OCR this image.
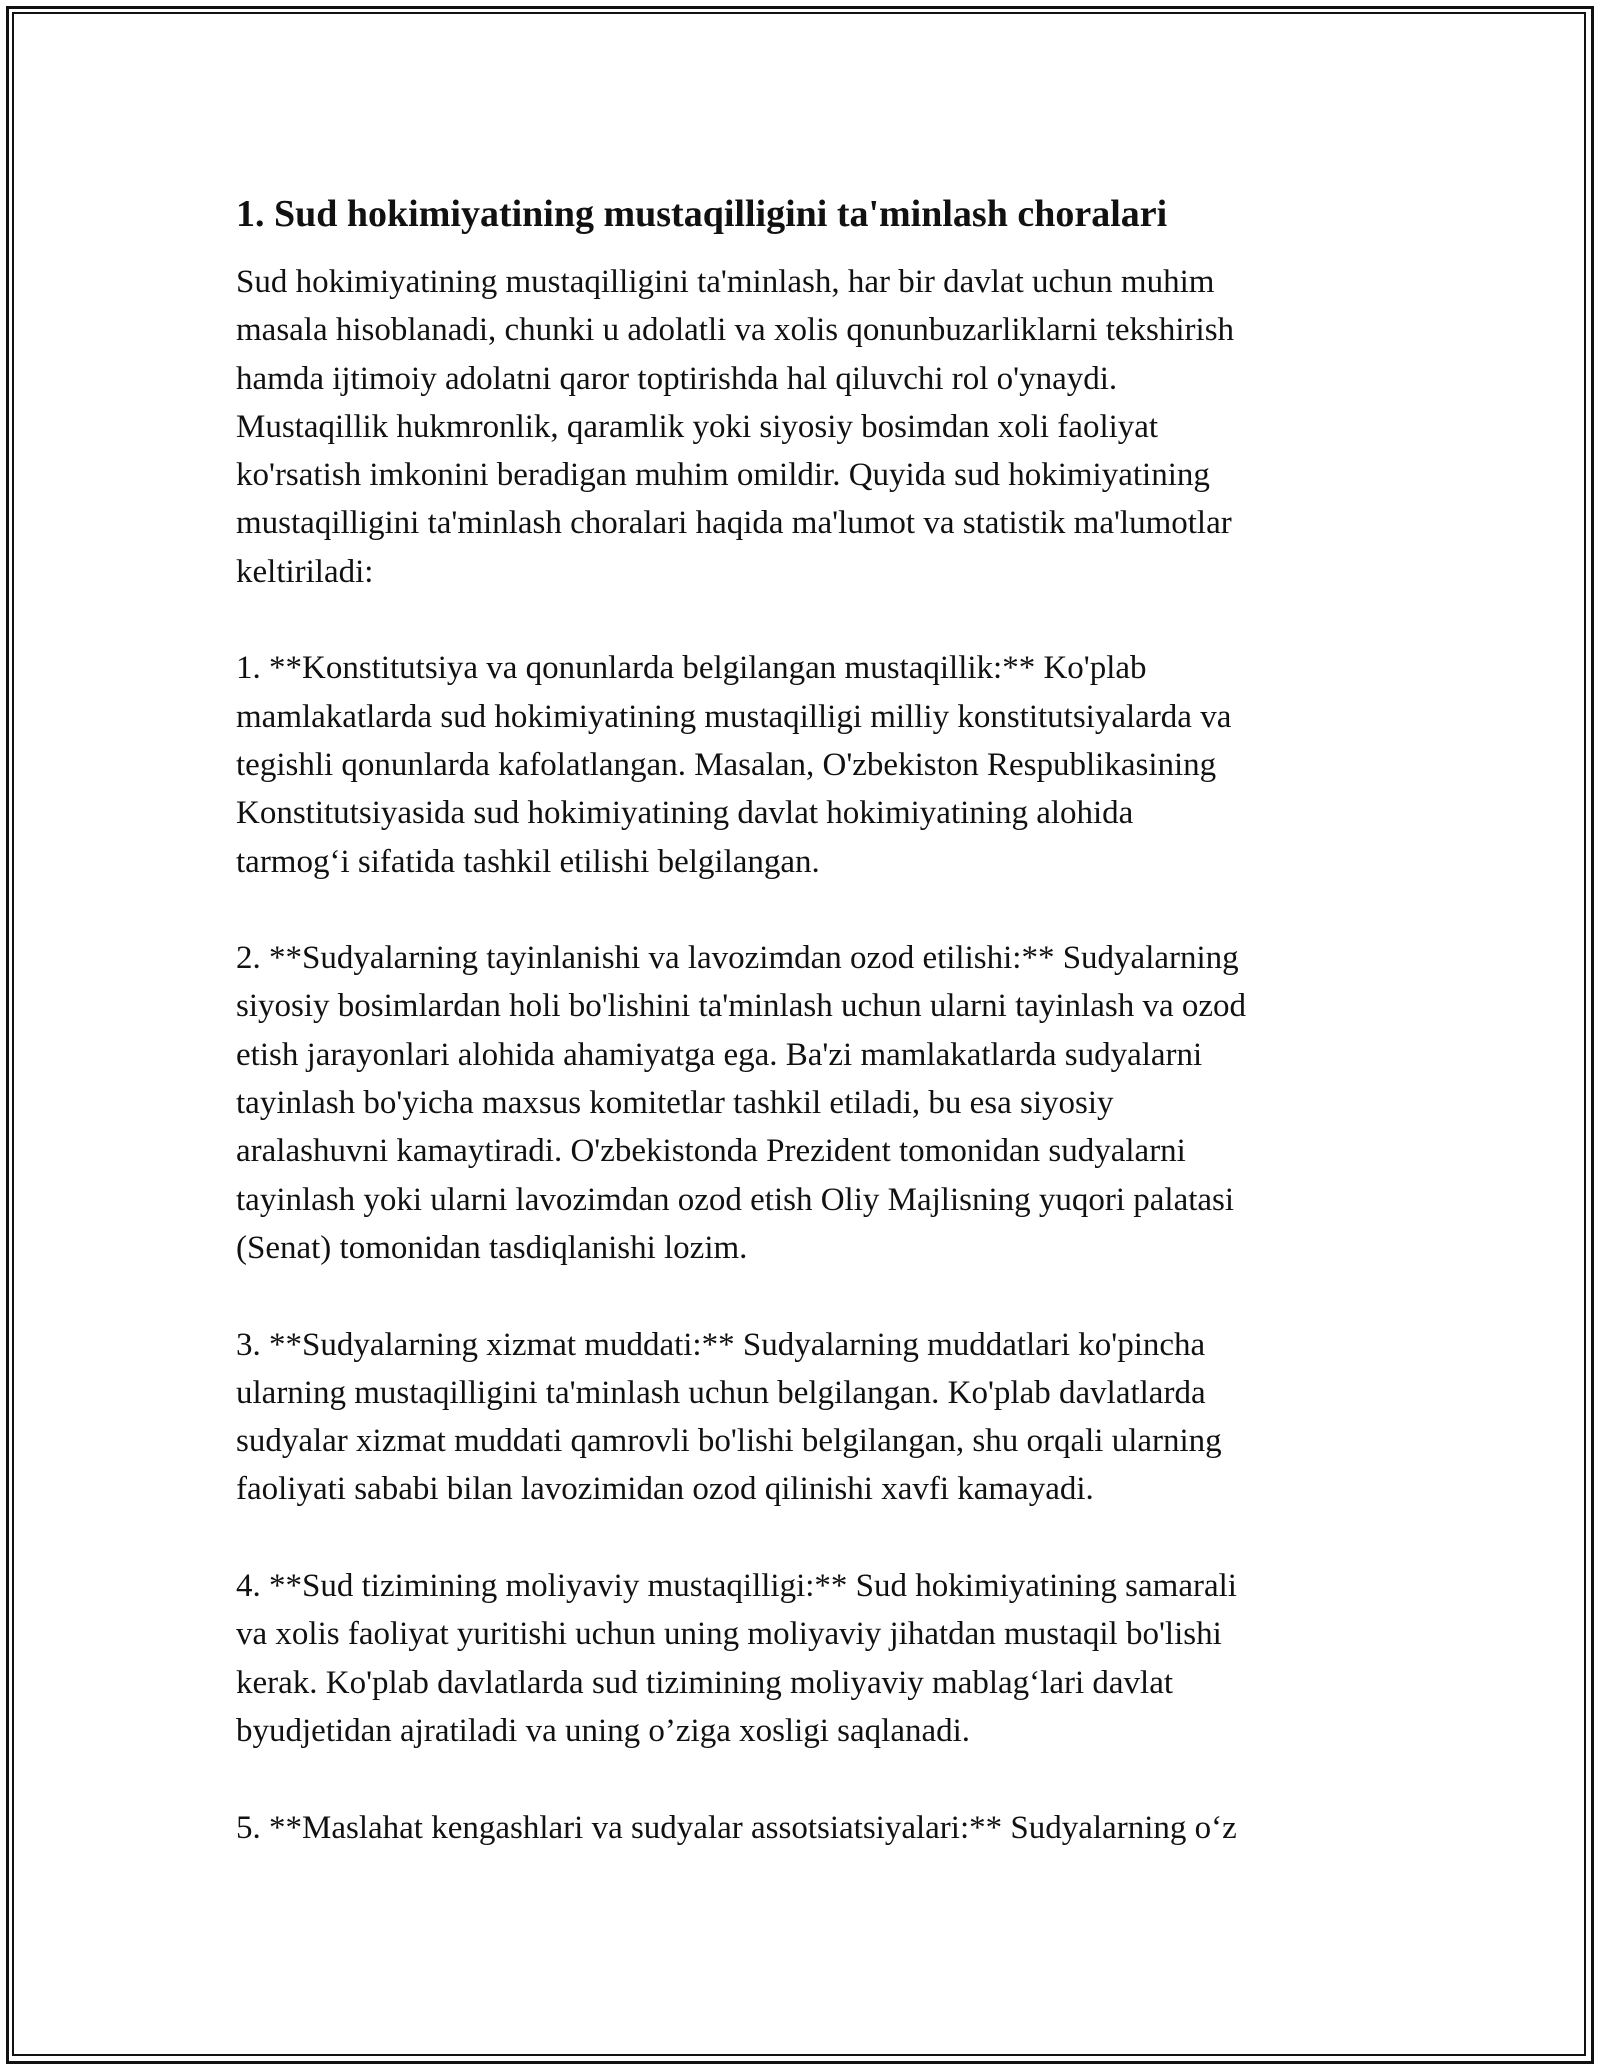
1. Sud hokimiyatining mustaqilligini ta'minlash choralari

Sud hokimiyatining mustaqilligini ta'minlash, har bir davlat uchun muhim
masala hisoblanadi, chunki u adolatli va xolis qonunbuzarliklarni tekshirish
hamda ijtimoiy adolatni qaror toptirishda hal qiluvchi rol o'ynaydi.
Mustaqillik hukmronlik, qaramlik yoki siyosiy bosimdan xoli faoliyat
ko'rsatish imkonini beradigan muhim omildir. Quyida sud hokimiyatining
mustaqilligini ta'minlash choralari haqida ma'lumot va statistik ma'lumotlar
keltiriladi:

1. **Konstitutsiya va qonunlarda belgilangan mustaqillik:** Ko'plab
mamlakatlarda sud hokimiyatining mustaqilligi milliy konstitutsiyalarda va
tegishli qonunlarda kafolatlangan. Masalan, O'zbekiston Respublikasining
Konstitutsiyasida sud hokimiyatining davlat hokimiyatining alohida
tarmog‘i sifatida tashkil etilishi belgilangan.

2. **Sudyalarning tayinlanishi va lavozimdan ozod etilishi:** Sudyalarning
siyosiy bosimlardan holi bo'lishini ta'minlash uchun ularni tayinlash va ozod
etish jarayonlari alohida ahamiyatga ega. Ba'zi mamlakatlarda sudyalarni
tayinlash bo'yicha maxsus komitetlar tashkil etiladi, bu esa siyosiy
aralashuvni kamaytiradi. O'zbekistonda Prezident tomonidan sudyalarni
tayinlash yoki ularni lavozimdan ozod etish Oliy Majlisning yuqori palatasi
(Senat) tomonidan tasdiqlanishi lozim.

3. **Sudyalarning xizmat muddati:** Sudyalarning muddatlari ko'pincha
ularning mustaqilligini ta'minlash uchun belgilangan. Ko'plab davlatlarda
sudyalar xizmat muddati qamrovli bo'lishi belgilangan, shu orqali ularning
faoliyati sababi bilan lavozimidan ozod qilinishi xavfi kamayadi.

4. **Sud tizimining moliyaviy mustaqilligi:** Sud hokimiyatining samarali
va xolis faoliyat yuritishi uchun uning moliyaviy jihatdan mustaqil bo'lishi
kerak. Ko'plab davlatlarda sud tizimining moliyaviy mablag‘lari davlat
byudjetidan ajratiladi va uning o’ziga xosligi saqlanadi.

5. **Maslahat kengashlari va sudyalar assotsiatsiyalari:** Sudyalarning o‘z
